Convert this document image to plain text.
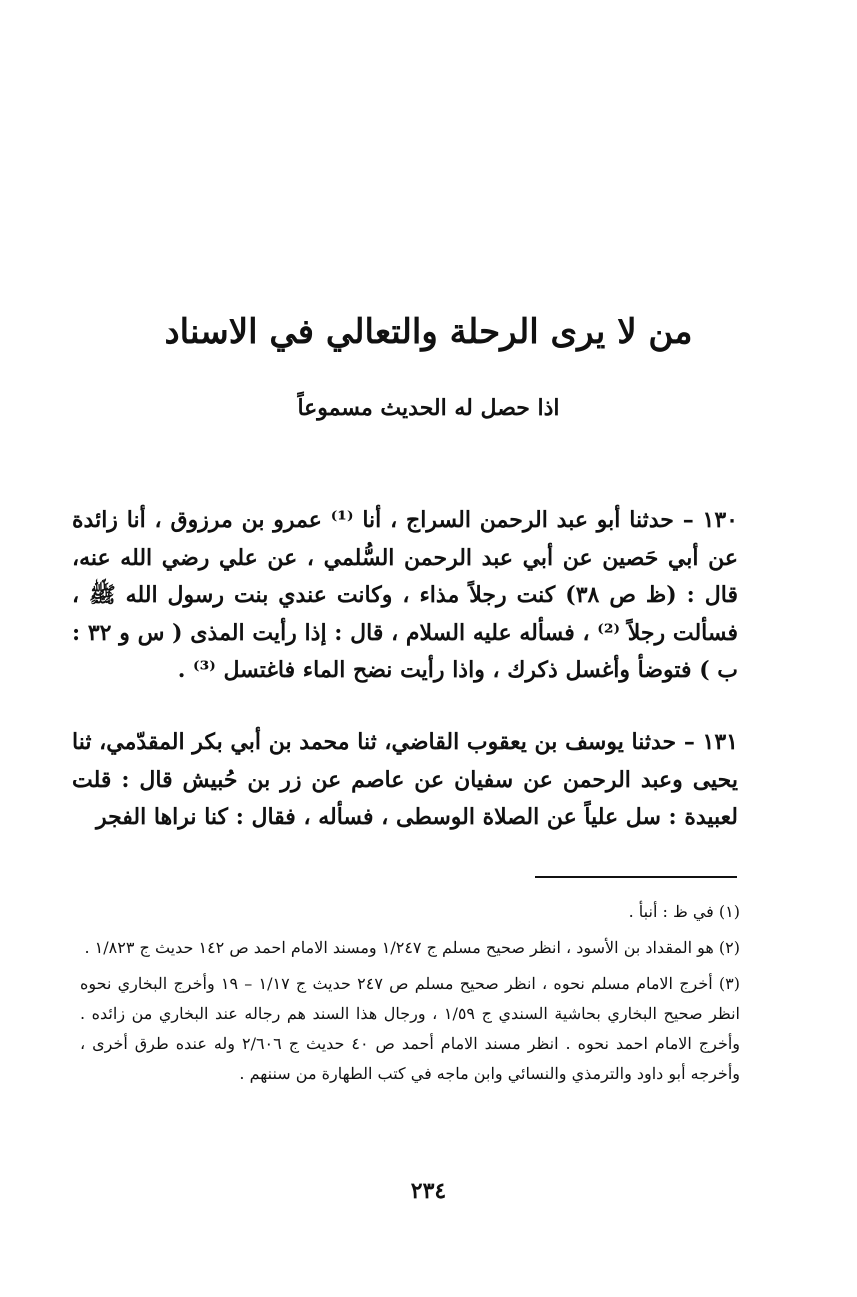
من لا يرى الرحلة والتعالي في الاسناد
اذا حصل له الحديث مسموعاً

١٣٠ – حدثنا أبو عبد الرحمن السراج ، أنا ⁽¹⁾ عمرو بن مرزوق ، أنا زائدة عن أبي حَصين عن أبي عبد الرحمن السُّلمي ، عن علي رضي الله عنه، قال : (ظ ص ٣٨) كنت رجلاً مذاء ، وكانت عندي بنت رسول الله ﷺ ، فسألت رجلاً ⁽²⁾ ، فسأله عليه السلام ، قال : إذا رأيت المذى ( س و ٣٢ : ب ) فتوضأ وأغسل ذكرك ، واذا رأيت نضح الماء فاغتسل ⁽³⁾ .

١٣١ – حدثنا يوسف بن يعقوب القاضي، ثنا محمد بن أبي بكر المقدّمي، ثنا يحيى وعبد الرحمن عن سفيان عن عاصم عن زر بن حُبيش قال : قلت لعبيدة : سل علياً عن الصلاة الوسطى ، فسأله ، فقال : كنا نراها الفجر

(١) في ظ : أنبأ .

(٢) هو المقداد بن الأسود ، انظر صحيح مسلم ج ١/٢٤٧ ومسند الامام احمد ص ١٤٢ حديث ج ١/٨٢٣ .

(٣) أخرج الامام مسلم نحوه ، انظر صحيح مسلم ص ٢٤٧ حديث ج ١/١٧ – ١٩ وأخرج البخاري نحوه انظر صحيح البخاري بحاشية السندي ج ١/٥٩ ، ورجال هذا السند هم رجاله عند البخاري من زائده . وأخرج الامام احمد نحوه . انظر مسند الامام أحمد ص ٤٠ حديث ج ٢/٦٠٦ وله عنده طرق أخرى ، وأخرجه أبو داود والترمذي والنسائي وابن ماجه في كتب الطهارة من سننهم .

٢٣٤
